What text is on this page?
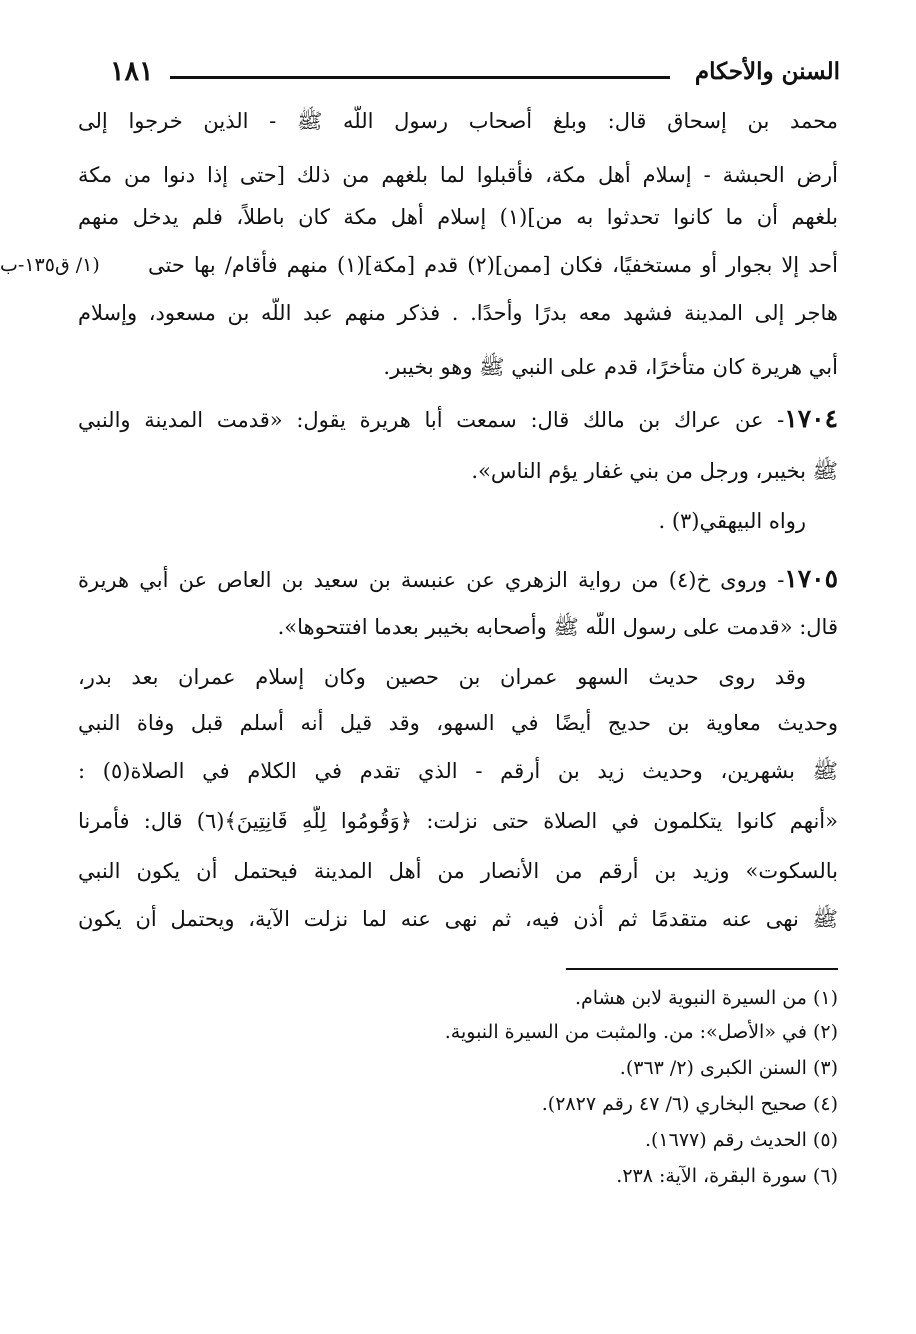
السنن والأحكام
١٨١
محمد بن إسحاق قال: وبلغ أصحاب رسول اللَّه ﷺ - الذين خرجوا إلى
أرض الحبشة - إسلام أهل مكة، فأقبلوا لما بلغهم من ذلك [حتى إذا دنوا من مكة
بلغهم أن ما كانوا تحدثوا به من](١) إسلام أهل مكة كان باطلاً، فلم يدخل منهم
أحد إلا بجوار أو مستخفيًا، فكان [ممن](٢) قدم [مكة](١) منهم فأقام/ بها حتى
(١/ ق١٣٥-ب
هاجر إلى المدينة فشهد معه بدرًا وأحدًا. . فذكر منهم عبد اللَّه بن مسعود، وإسلام
أبي هريرة كان متأخرًا، قدم على النبي ﷺ وهو بخيبر.
١٧٠٤- عن عراك بن مالك قال: سمعت أبا هريرة يقول: «قدمت المدينة والنبي
ﷺ بخيبر، ورجل من بني غفار يؤم الناس».
رواه البيهقي(٣) .
١٧٠٥- وروى خ(٤) من رواية الزهري عن عنبسة بن سعيد بن العاص عن أبي هريرة
قال: «قدمت على رسول اللَّه ﷺ وأصحابه بخيبر بعدما افتتحوها».
وقد روى حديث السهو عمران بن حصين وكان إسلام عمران بعد بدر،
وحديث معاوية بن حديج أيضًا في السهو، وقد قيل أنه أسلم قبل وفاة النبي
ﷺ بشهرين، وحديث زيد بن أرقم - الذي تقدم في الكلام في الصلاة(٥) :
«أنهم كانوا يتكلمون في الصلاة حتى نزلت: ﴿وَقُومُوا لِلَّهِ قَانِتِينَ﴾(٦) قال: فأمرنا
بالسكوت» وزيد بن أرقم من الأنصار من أهل المدينة فيحتمل أن يكون النبي
ﷺ نهى عنه متقدمًا ثم أذن فيه، ثم نهى عنه لما نزلت الآية، ويحتمل أن يكون
(١) من السيرة النبوية لابن هشام.
(٢) في «الأصل»: من. والمثبت من السيرة النبوية.
(٣) السنن الكبرى (٢/ ٣٦٣).
(٤) صحيح البخاري (٦/ ٤٧ رقم ٢٨٢٧).
(٥) الحديث رقم (١٦٧٧).
(٦) سورة البقرة، الآية: ٢٣٨.
